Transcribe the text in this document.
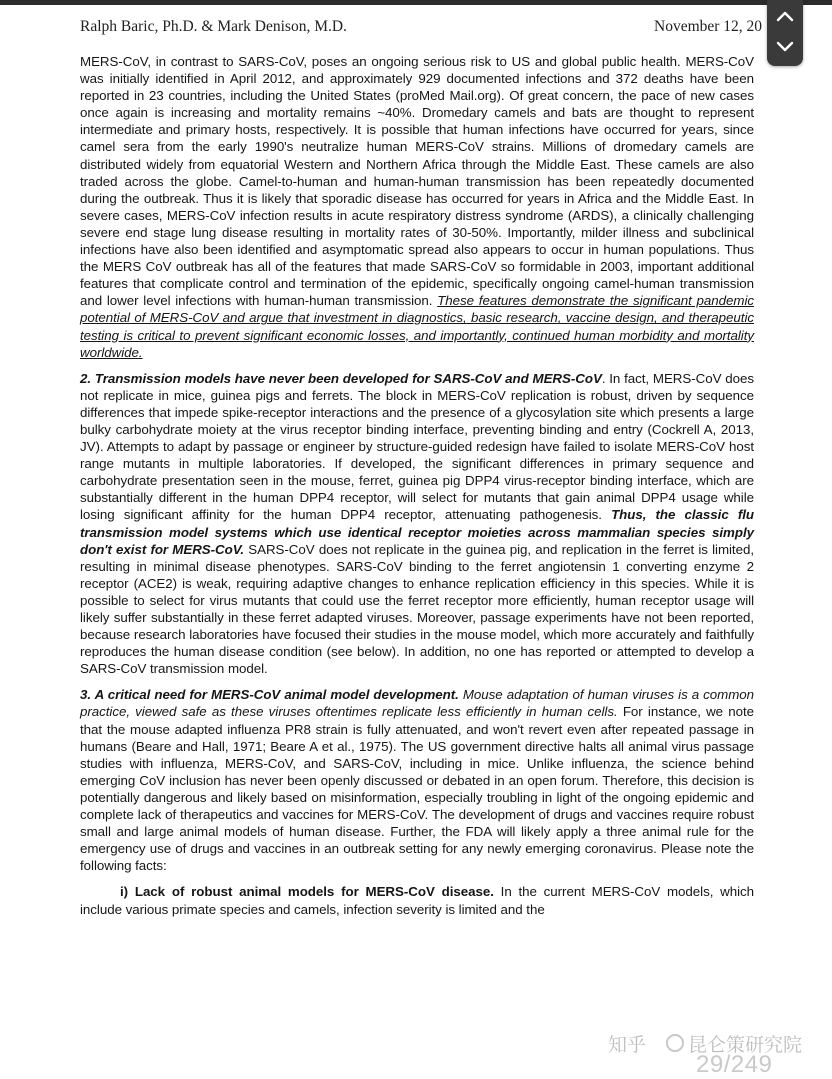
Ralph Baric, Ph.D. & Mark Denison, M.D.	November 12, 20

MERS-CoV, in contrast to SARS-CoV, poses an ongoing serious risk to US and global public health. MERS-CoV was initially identified in April 2012, and approximately 929 documented infections and 372 deaths have been reported in 23 countries, including the United States (proMed Mail.org). Of great concern, the pace of new cases once again is increasing and mortality remains ~40%. Dromedary camels and bats are thought to represent intermediate and primary hosts, respectively. It is possible that human infections have occurred for years, since camel sera from the early 1990's neutralize human MERS-CoV strains. Millions of dromedary camels are distributed widely from equatorial Western and Northern Africa through the Middle East. These camels are also traded across the globe. Camel-to-human and human-human transmission has been repeatedly documented during the outbreak. Thus it is likely that sporadic disease has occurred for years in Africa and the Middle East. In severe cases, MERS-CoV infection results in acute respiratory distress syndrome (ARDS), a clinically challenging severe end stage lung disease resulting in mortality rates of 30-50%. Importantly, milder illness and subclinical infections have also been identified and asymptomatic spread also appears to occur in human populations. Thus the MERS CoV outbreak has all of the features that made SARS-CoV so formidable in 2003, important additional features that complicate control and termination of the epidemic, specifically ongoing camel-human transmission and lower level infections with human-human transmission. These features demonstrate the significant pandemic potential of MERS-CoV and argue that investment in diagnostics, basic research, vaccine design, and therapeutic testing is critical to prevent significant economic losses, and importantly, continued human morbidity and mortality worldwide.

2. Transmission models have never been developed for SARS-CoV and MERS-CoV. In fact, MERS-CoV does not replicate in mice, guinea pigs and ferrets. The block in MERS-CoV replication is robust, driven by sequence differences that impede spike-receptor interactions and the presence of a glycosylation site which presents a large bulky carbohydrate moiety at the virus receptor binding interface, preventing binding and entry (Cockrell A, 2013, JV). Attempts to adapt by passage or engineer by structure-guided redesign have failed to isolate MERS-CoV host range mutants in multiple laboratories. If developed, the significant differences in primary sequence and carbohydrate presentation seen in the mouse, ferret, guinea pig DPP4 virus-receptor binding interface, which are substantially different in the human DPP4 receptor, will select for mutants that gain animal DPP4 usage while losing significant affinity for the human DPP4 receptor, attenuating pathogenesis. Thus, the classic flu transmission model systems which use identical receptor moieties across mammalian species simply don't exist for MERS-CoV. SARS-CoV does not replicate in the guinea pig, and replication in the ferret is limited, resulting in minimal disease phenotypes. SARS-CoV binding to the ferret angiotensin 1 converting enzyme 2 receptor (ACE2) is weak, requiring adaptive changes to enhance replication efficiency in this species. While it is possible to select for virus mutants that could use the ferret receptor more efficiently, human receptor usage will likely suffer substantially in these ferret adapted viruses. Moreover, passage experiments have not been reported, because research laboratories have focused their studies in the mouse model, which more accurately and faithfully reproduces the human disease condition (see below). In addition, no one has reported or attempted to develop a SARS-CoV transmission model.

3. A critical need for MERS-CoV animal model development. Mouse adaptation of human viruses is a common practice, viewed safe as these viruses oftentimes replicate less efficiently in human cells. For instance, we note that the mouse adapted influenza PR8 strain is fully attenuated, and won't revert even after repeated passage in humans (Beare and Hall, 1971; Beare A et al., 1975). The US government directive halts all animal virus passage studies with influenza, MERS-CoV, and SARS-CoV, including in mice. Unlike influenza, the science behind emerging CoV inclusion has never been openly discussed or debated in an open forum. Therefore, this decision is potentially dangerous and likely based on misinformation, especially troubling in light of the ongoing epidemic and complete lack of therapeutics and vaccines for MERS-CoV. The development of drugs and vaccines require robust small and large animal models of human disease. Further, the FDA will likely apply a three animal rule for the emergency use of drugs and vaccines in an outbreak setting for any newly emerging coronavirus. Please note the following facts:

i) Lack of robust animal models for MERS-CoV disease. In the current MERS-CoV models, which include various primate species and camels, infection severity is limited and the

知乎 昆仑策研究院
29/249
